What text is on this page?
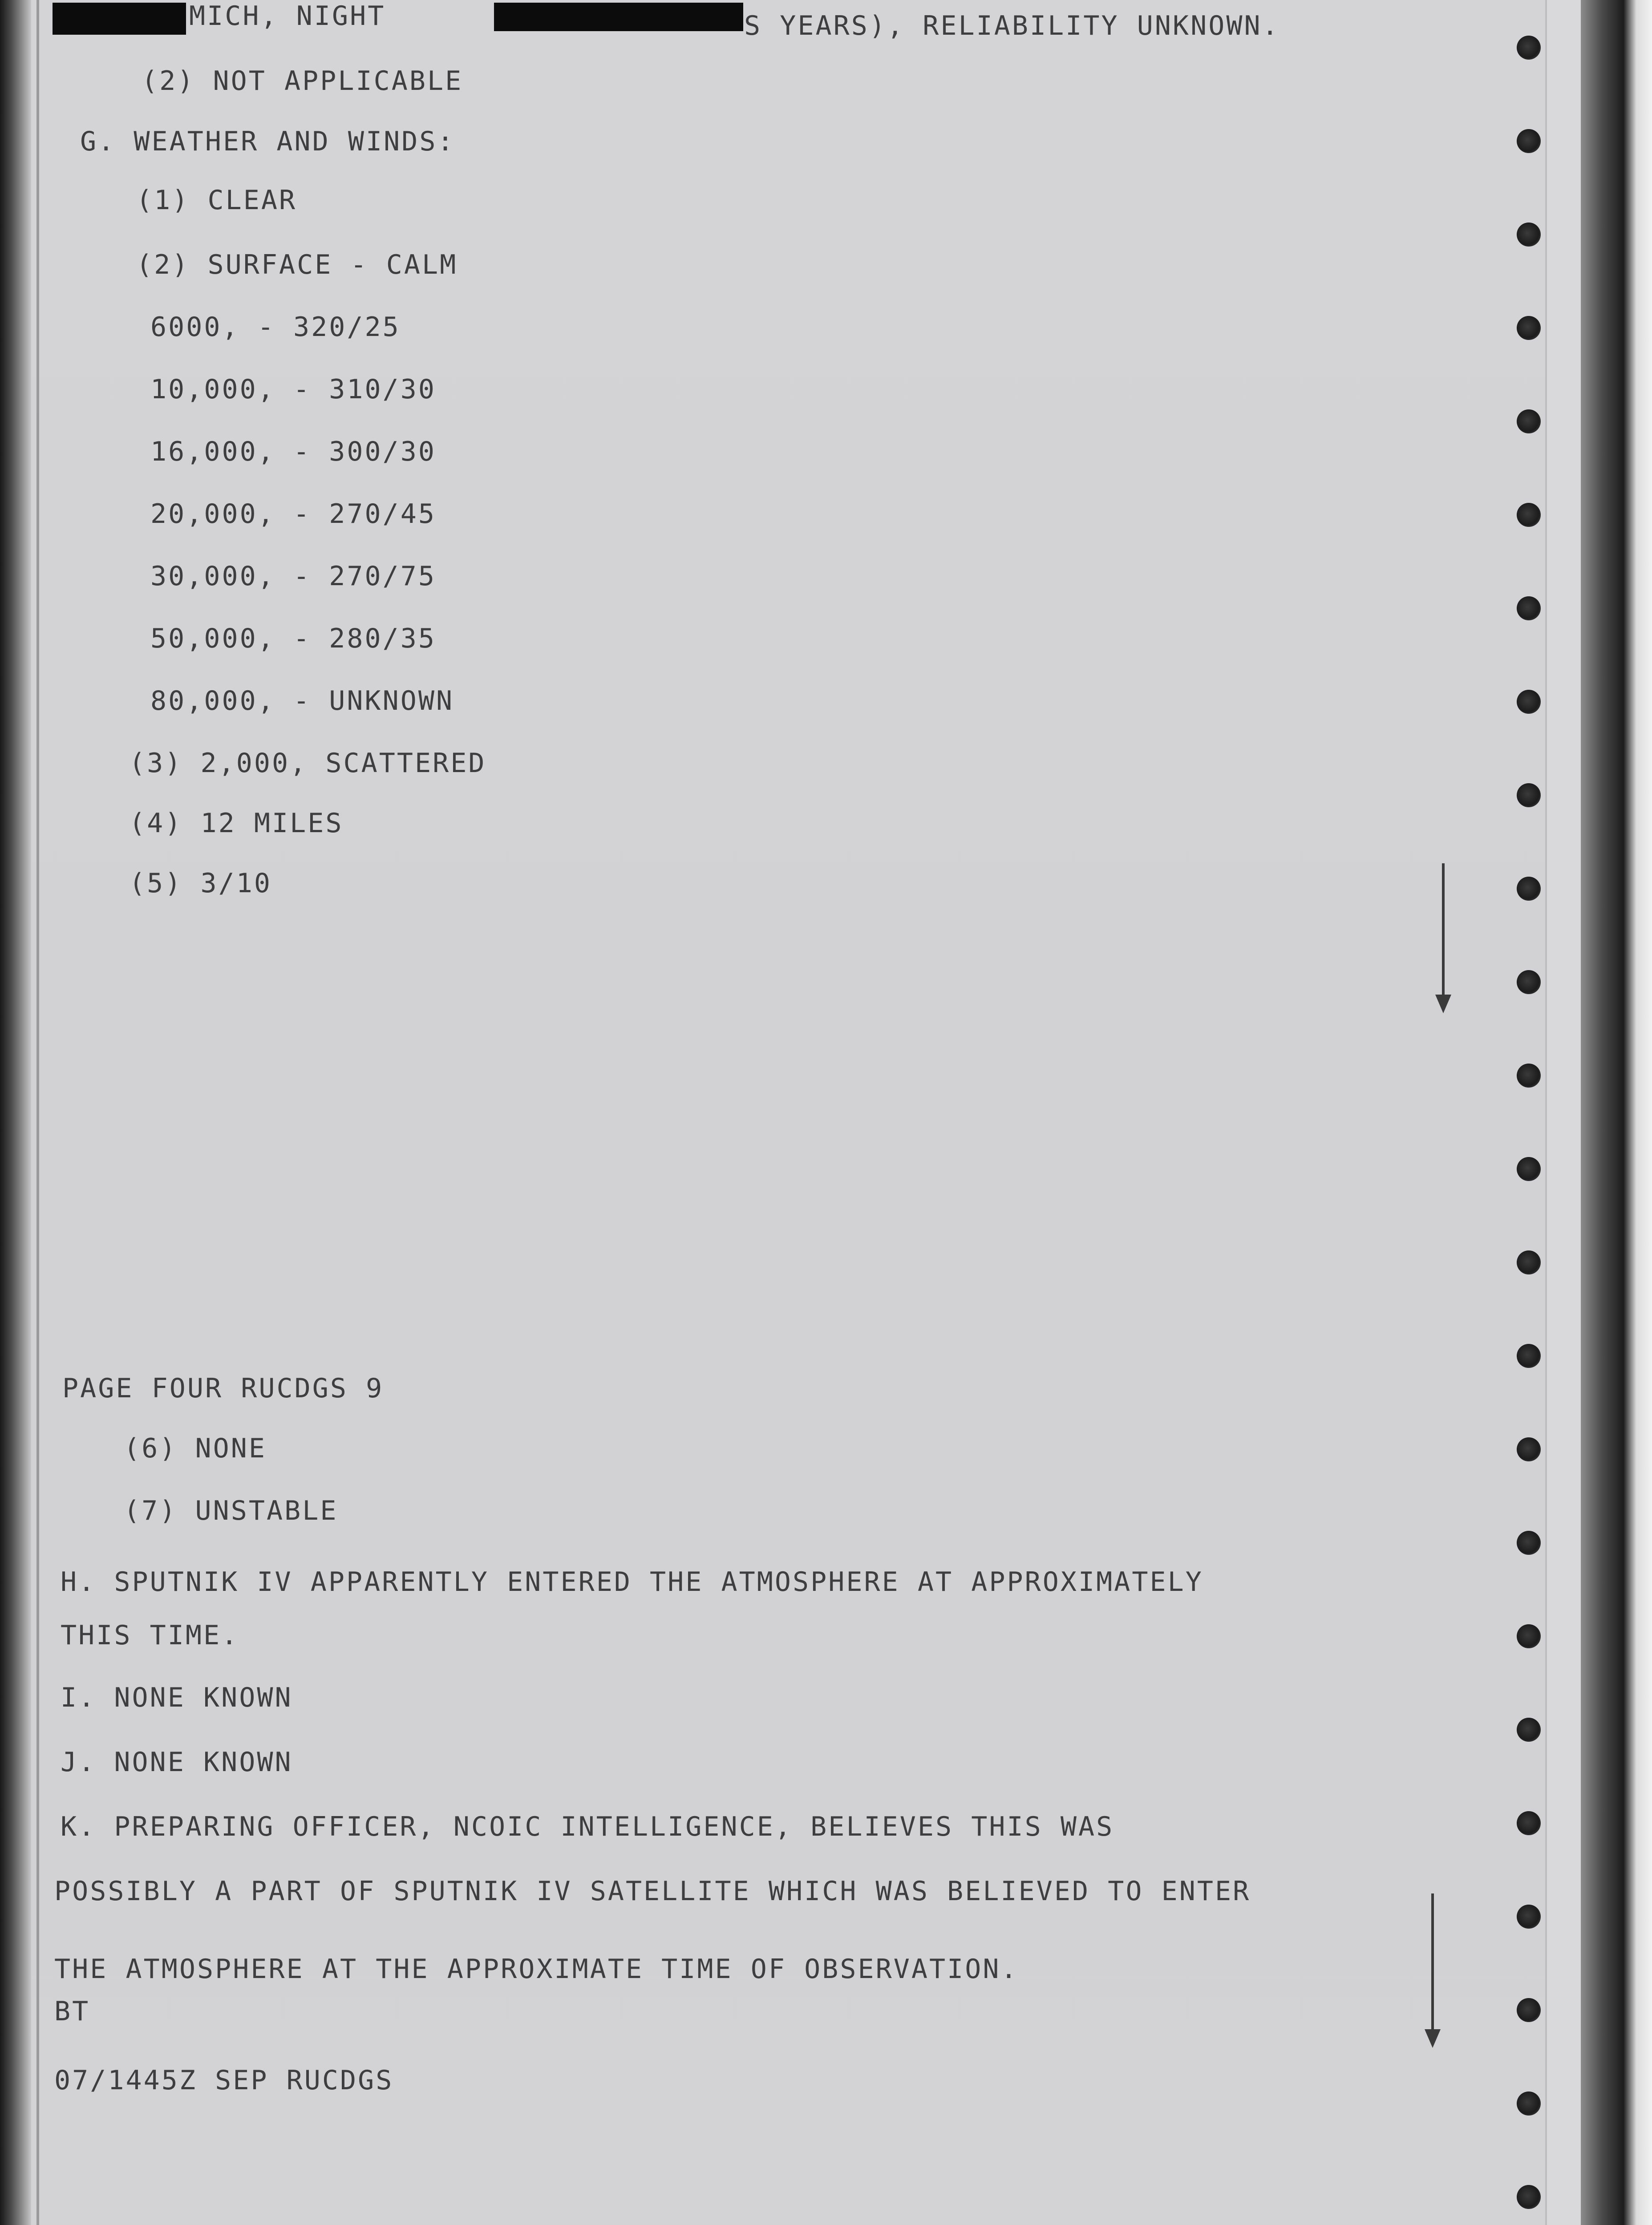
MICH, NIGHT	S YEARS), RELIABILITY UNKNOWN.

(2) NOT APPLICABLE

G. WEATHER AND WINDS:

(1) CLEAR

(2) SURFACE - CALM

6000, - 320/25

10,000, - 310/30

16,000, - 300/30

20,000, - 270/45

30,000, - 270/75

50,000, - 280/35

80,000, - UNKNOWN

(3) 2,000, SCATTERED

(4) 12 MILES

(5) 3/10

PAGE FOUR RUCDGS 9

(6) NONE

(7) UNSTABLE

H. SPUTNIK IV APPARENTLY ENTERED THE ATMOSPHERE AT APPROXIMATELY

THIS TIME.

I. NONE KNOWN

J. NONE KNOWN

K. PREPARING OFFICER, NCOIC INTELLIGENCE, BELIEVES THIS WAS

POSSIBLY A PART OF SPUTNIK IV SATELLITE WHICH WAS BELIEVED TO ENTER

THE ATMOSPHERE AT THE APPROXIMATE TIME OF OBSERVATION.

BT

07/1445Z SEP RUCDGS
